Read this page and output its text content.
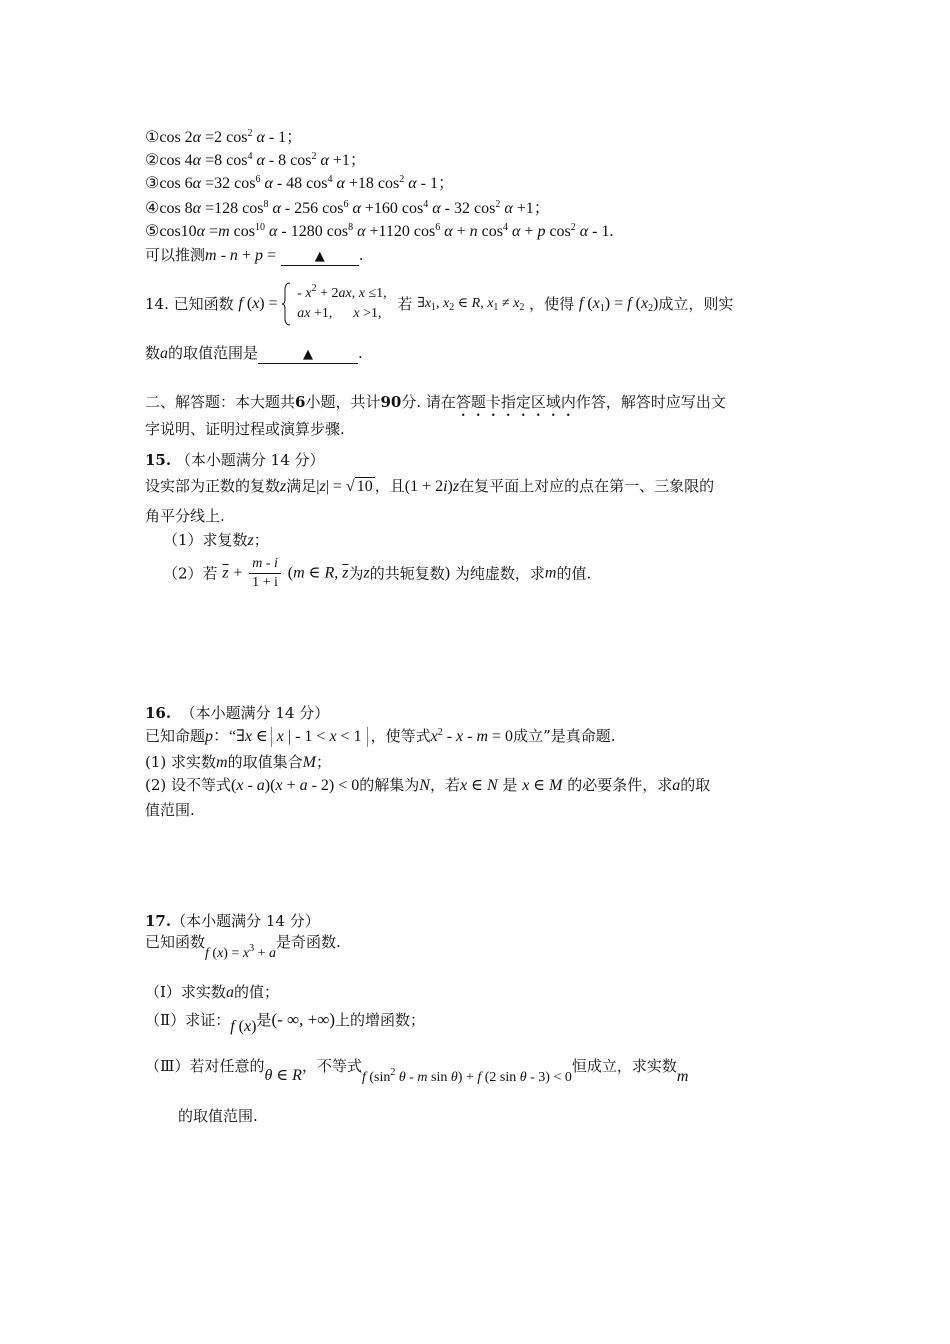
①cos 2α =2 $\cos^2 \alpha - 1$；
②cos 4α =8 $\cos^4 \alpha - 8$ $\cos^2 \alpha +1$；
③cos 6α =32 $\cos^6 \alpha - 48$ $\cos^4 \alpha +18$ $\cos^2 \alpha - 1$；
④cos 8α =128 $\cos^8 \alpha - 256$ $\cos^6 \alpha +160$ $\cos^4 \alpha - 32$ $\cos^2 \alpha +1$；
⑤cos10α =m $\cos^{10} \alpha - 1280$ $\cos^8 \alpha +1120$ $\cos^6 \alpha + n$ $\cos^4 \alpha + p$ $\cos^2 \alpha - 1$.
可以推测m - n + p =	▲ .
14. 已知函数 f (x) =
- $x^2 + 2ax$, x ≤1,
ax +1,      x >1,
若 $\exists x_1$, $x_2$ ∈ R, $x_1 \ne x_2$ ，使得 f $(x_1) = f$ $(x_2)$成立，则实
数a的取值范围是	▲	.
二、解答题：本大题共6小题，共计90分. 请在答题卡指定区域内作答，解答时应写出文
字说明、证明过程或演算步骤.
15. （本小题满分 14 分）
设实部为正数的复数z满足|z| = √ 10 ，且(1 + 2i)z在复平面上对应的点在第一、三象限的
角平分线上.
（1）求复数z；
（2）若 $\overline{z} + \frac{m - i}{1 + i} (m$ ∈ R, $\overline{z}$为z的共轭复数) 为纯虚数，求m的值.
16. （本小题满分 14 分）
已知命题p：“∃x ∈ x | - 1 < x < 1 ，使等式$x^2 - x - m = 0$成立”是真命题.
(1) 求实数m的取值集合M；
(2) 设不等式(x - a)(x + a - 2) < 0的解集为N，若x ∈ N 是 x ∈ M 的必要条件，求a的取
值范围.
17.（本小题满分 14 分）
已知函数f $(x) = x^3 + a$是奇函数.
（Ⅰ）求实数a的值；
（Ⅱ）求证：f (x)是(- ∞, +∞)上的增函数；
（Ⅲ）若对任意的θ ∈ R，不等式f ($\sin^2$ θ - m sin θ) + f (2 sin θ - 3) < 0恒成立，求实数m
的取值范围.
